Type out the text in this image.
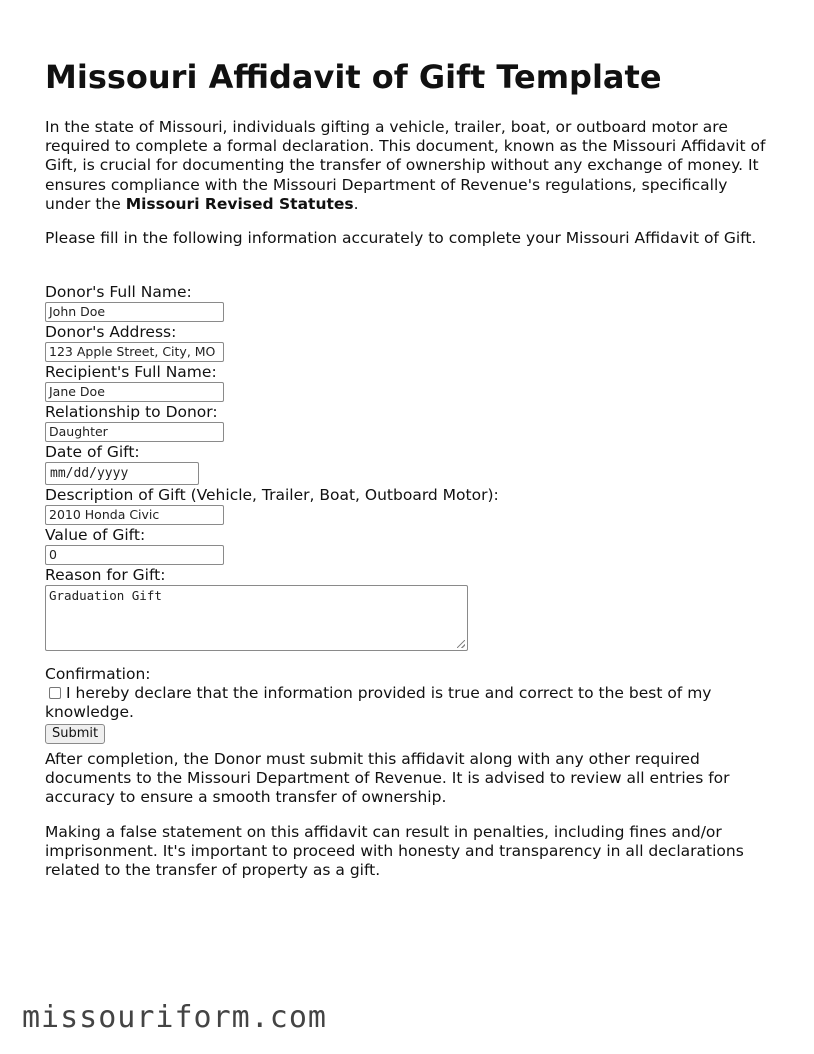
Missouri Affidavit of Gift Template

In the state of Missouri, individuals gifting a vehicle, trailer, boat, or outboard motor are required to complete a formal declaration. This document, known as the Missouri Affidavit of Gift, is crucial for documenting the transfer of ownership without any exchange of money. It ensures compliance with the Missouri Department of Revenue's regulations, specifically under the Missouri Revised Statutes.

Please fill in the following information accurately to complete your Missouri Affidavit of Gift.

Donor's Full Name:
John Doe
Donor's Address:
123 Apple Street, City, MO
Recipient's Full Name:
Jane Doe
Relationship to Donor:
Daughter
Date of Gift:
mm/dd/yyyy
Description of Gift (Vehicle, Trailer, Boat, Outboard Motor):
2010 Honda Civic
Value of Gift:
0
Reason for Gift:
Graduation Gift
Confirmation:
I hereby declare that the information provided is true and correct to the best of my knowledge.
Submit

After completion, the Donor must submit this affidavit along with any other required documents to the Missouri Department of Revenue. It is advised to review all entries for accuracy to ensure a smooth transfer of ownership.

Making a false statement on this affidavit can result in penalties, including fines and/or imprisonment. It's important to proceed with honesty and transparency in all declarations related to the transfer of property as a gift.

missouriform.com
